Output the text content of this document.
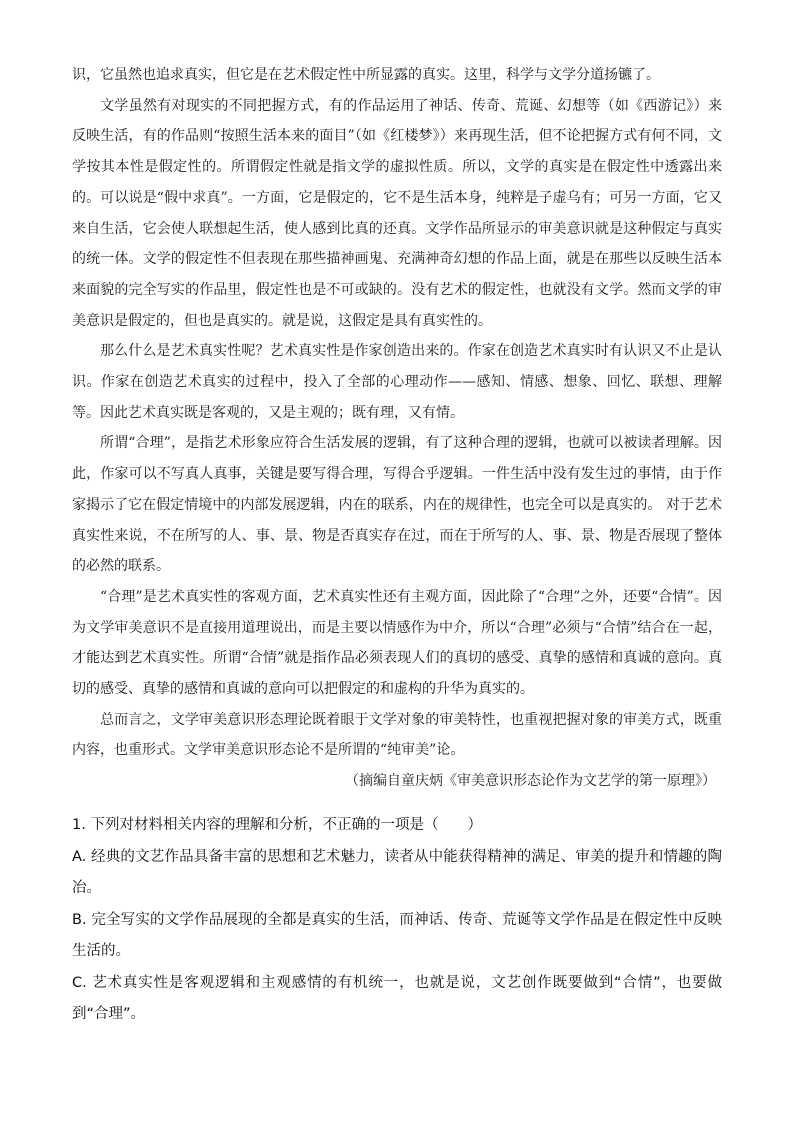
识，它虽然也追求真实，但它是在艺术假定性中所显露的真实。这里，科学与文学分道扬镳了。

文学虽然有对现实的不同把握方式，有的作品运用了神话、传奇、荒诞、幻想等（如《西游记》）来反映生活，有的作品则“按照生活本来的面目”（如《红楼梦》）来再现生活，但不论把握方式有何不同，文学按其本性是假定性的。所谓假定性就是指文学的虚拟性质。所以，文学的真实是在假定性中透露出来的。可以说是“假中求真”。一方面，它是假定的，它不是生活本身，纯粹是子虚乌有；可另一方面，它又来自生活，它会使人联想起生活，使人感到比真的还真。文学作品所显示的审美意识就是这种假定与真实的统一体。文学的假定性不但表现在那些描神画鬼、充满神奇幻想的作品上面，就是在那些以反映生活本来面貌的完全写实的作品里，假定性也是不可或缺的。没有艺术的假定性，也就没有文学。然而文学的审美意识是假定的，但也是真实的。就是说，这假定是具有真实性的。

那么什么是艺术真实性呢？艺术真实性是作家创造出来的。作家在创造艺术真实时有认识又不止是认识。作家在创造艺术真实的过程中，投入了全部的心理动作——感知、情感、想象、回忆、联想、理解等。因此艺术真实既是客观的，又是主观的；既有理，又有情。

所谓“合理”，是指艺术形象应符合生活发展的逻辑，有了这种合理的逻辑，也就可以被读者理解。因此，作家可以不写真人真事，关键是要写得合理，写得合乎逻辑。一件生活中没有发生过的事情，由于作家揭示了它在假定情境中的内部发展逻辑，内在的联系，内在的规律性，也完全可以是真实的。 对于艺术真实性来说，不在所写的人、事、景、物是否真实存在过，而在于所写的人、事、景、物是否展现了整体的必然的联系。

“合理”是艺术真实性的客观方面，艺术真实性还有主观方面，因此除了“合理”之外，还要“合情”。因为文学审美意识不是直接用道理说出，而是主要以情感作为中介，所以“合理”必须与“合情”结合在一起，才能达到艺术真实性。所谓“合情”就是指作品必须表现人们的真切的感受、真挚的感情和真诚的意向。真切的感受、真挚的感情和真诚的意向可以把假定的和虚构的升华为真实的。

总而言之，文学审美意识形态理论既着眼于文学对象的审美特性，也重视把握对象的审美方式，既重内容，也重形式。文学审美意识形态论不是所谓的“纯审美”论。

（摘编自童庆炳《审美意识形态论作为文艺学的第一原理》）

1. 下列对材料相关内容的理解和分析，不正确的一项是（　　）

A. 经典的文艺作品具备丰富的思想和艺术魅力，读者从中能获得精神的满足、审美的提升和情趣的陶冶。

B. 完全写实的文学作品展现的全都是真实的生活，而神话、传奇、荒诞等文学作品是在假定性中反映生活的。

C. 艺术真实性是客观逻辑和主观感情的有机统一，也就是说，文艺创作既要做到“合情”，也要做到“合理”。
